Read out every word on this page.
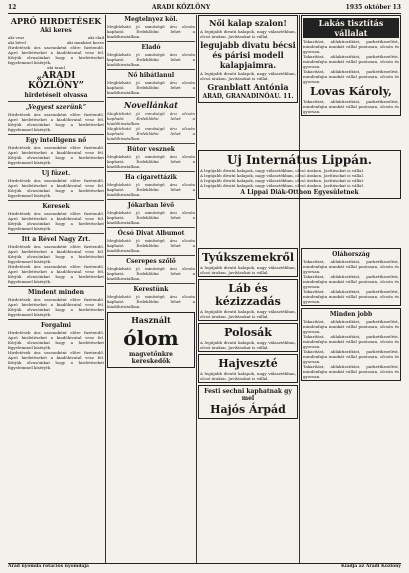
12	ARADI KÖZLÖNY	1935 október 13
APRÓ HIRDETÉSEK
Aki keres
aki vesz	aki elad
aki bérel	aki munkást keres
Hirdetések ára szavanként előre fizetendő. Apró hirdetéseket a kiadóhivatal vesz fel. Kérjük olvasóinkat hogy a hirdetéseket figyelemmel kísérjék.
aki tanul
„ARADI KÖZLÖNY”
hirdetéseit olvassa
„Vegyest szerünk”
Hirdetések ára szavanként előre fizetendő. Apró hirdetéseket a kiadóhivatal vesz fel. Kérjük olvasóinkat hogy a hirdetéseket figyelemmel kísérjék.
Egy intelligens nő
Hirdetések ára szavanként előre fizetendő. Apró hirdetéseket a kiadóhivatal vesz fel. Kérjük olvasóinkat hogy a hirdetéseket figyelemmel kísérjék.
Uj füzet.
Hirdetések ára szavanként előre fizetendő. Apró hirdetéseket a kiadóhivatal vesz fel. Kérjük olvasóinkat hogy a hirdetéseket figyelemmel kísérjék.
Keresek
Hirdetések ára szavanként előre fizetendő. Apró hirdetéseket a kiadóhivatal vesz fel. Kérjük olvasóinkat hogy a hirdetéseket figyelemmel kísérjék.
Itt a Rével Nagy Zrt.
Hirdetések ára szavanként előre fizetendő. Apró hirdetéseket a kiadóhivatal vesz fel. Kérjük olvasóinkat hogy a hirdetéseket figyelemmel kísérjék.
Hirdetések ára szavanként előre fizetendő. Apró hirdetéseket a kiadóhivatal vesz fel. Kérjük olvasóinkat hogy a hirdetéseket figyelemmel kísérjék.
Mindent minden
Hirdetések ára szavanként előre fizetendő. Apró hirdetéseket a kiadóhivatal vesz fel. Kérjük olvasóinkat hogy a hirdetéseket figyelemmel kísérjék.
Forgalmi
Hirdetések ára szavanként előre fizetendő. Apró hirdetéseket a kiadóhivatal vesz fel. Kérjük olvasóinkat hogy a hirdetéseket figyelemmel kísérjék.
Hirdetések ára szavanként előre fizetendő. Apró hirdetéseket a kiadóhivatal vesz fel. Kérjük olvasóinkat hogy a hirdetéseket figyelemmel kísérjék.
Megtelnyez köl.
Megbízható jó minőségű áru olcsón kapható. Érdeklődni lehet a kiadóhivatalban.
Eladó
Megbízható jó minőségű áru olcsón kapható. Érdeklődni lehet a kiadóhivatalban.
Nő hibátlanul
Megbízható jó minőségű áru olcsón kapható. Érdeklődni lehet a kiadóhivatalban.
Novellánkat
Megbízható jó minőségű áru olcsón kapható. Érdeklődni lehet a kiadóhivatalban.
Megbízható jó minőségű áru olcsón kapható. Érdeklődni lehet a kiadóhivatalban.
Bútor vesznek
Megbízható jó minőségű áru olcsón kapható. Érdeklődni lehet a kiadóhivatalban.
Ha cigarettázik
Megbízható jó minőségű áru olcsón kapható. Érdeklődni lehet a kiadóhivatalban.
Jókarban lévő
Megbízható jó minőségű áru olcsón kapható. Érdeklődni lehet a kiadóhivatalban.
Ócsó Divat Albumot
Megbízható jó minőségű áru olcsón kapható. Érdeklődni lehet a kiadóhivatalban.
Cserepes szőlő
Megbízható jó minőségű áru olcsón kapható. Érdeklődni lehet a kiadóhivatalban.
Kerestünk
Megbízható jó minőségű áru olcsón kapható. Érdeklődni lehet a kiadóhivatalban.
Használt
ólom
magvetőnkre kereskedők
Női kalap szalon!
A legújabb divatú kalapok, nagy választékban, olcsó árakon. Javításokat is vállal.
legujabb divatu bécsi és párisi modell kalapjaimra.
A legújabb divatú kalapok, nagy választékban, olcsó árakon. Javításokat is vállal.
Granblatt Antónia
ARAD, GRANADINÓAU. 11.
Uj Internátus Lippán.
A legújabb divatú kalapok, nagy választékban, olcsó árakon. Javításokat is vállal.
A legújabb divatú kalapok, nagy választékban, olcsó árakon. Javításokat is vállal.
A legújabb divatú kalapok, nagy választékban, olcsó árakon. Javításokat is vállal.
A legújabb divatú kalapok, nagy választékban, olcsó árakon. Javításokat is vállal.
A Lippai Diák-Otthon Egyesületnek
Tyúkszemekről
A legújabb divatú kalapok, nagy választékban, olcsó árakon. Javításokat is vállal.
Láb és kézizzadás
A legújabb divatú kalapok, nagy választékban, olcsó árakon. Javításokat is vállal.
Polosák
A legújabb divatú kalapok, nagy választékban, olcsó árakon. Javításokat is vállal.
Hajveszté
A legújabb divatú kalapok, nagy választékban, olcsó árakon. Javításokat is vállal.
Festi sechni kaphatnak gy mel
Hajós Árpád
Lakás tisztítás vállalat
Takarítást, ablaktisztítást, parkettkezelést, mindenfajta munkát vállal pontosan, olcsón és gyorsan.
Takarítást, ablaktisztítást, parkettkezelést, mindenfajta munkát vállal pontosan, olcsón és gyorsan.
Takarítást, ablaktisztítást, parkettkezelést, mindenfajta munkát vállal pontosan, olcsón és gyorsan.
Lovas Károly,
Takarítást, ablaktisztítást, parkettkezelést, mindenfajta munkát vállal pontosan, olcsón és gyorsan.
Oláhország
Takarítást, ablaktisztítást, parkettkezelést, mindenfajta munkát vállal pontosan, olcsón és gyorsan.
Takarítást, ablaktisztítást, parkettkezelést, mindenfajta munkát vállal pontosan, olcsón és gyorsan.
Takarítást, ablaktisztítást, parkettkezelést, mindenfajta munkát vállal pontosan, olcsón és gyorsan.
Minden jobb
Takarítást, ablaktisztítást, parkettkezelést, mindenfajta munkát vállal pontosan, olcsón és gyorsan.
Takarítást, ablaktisztítást, parkettkezelést, mindenfajta munkát vállal pontosan, olcsón és gyorsan.
Takarítást, ablaktisztítást, parkettkezelést, mindenfajta munkát vállal pontosan, olcsón és gyorsan.
Takarítást, ablaktisztítást, parkettkezelést, mindenfajta munkát vállal pontosan, olcsón és gyorsan.
Arad nyomda rotációs nyomdája	Kiadja az Aradi Közlöny
